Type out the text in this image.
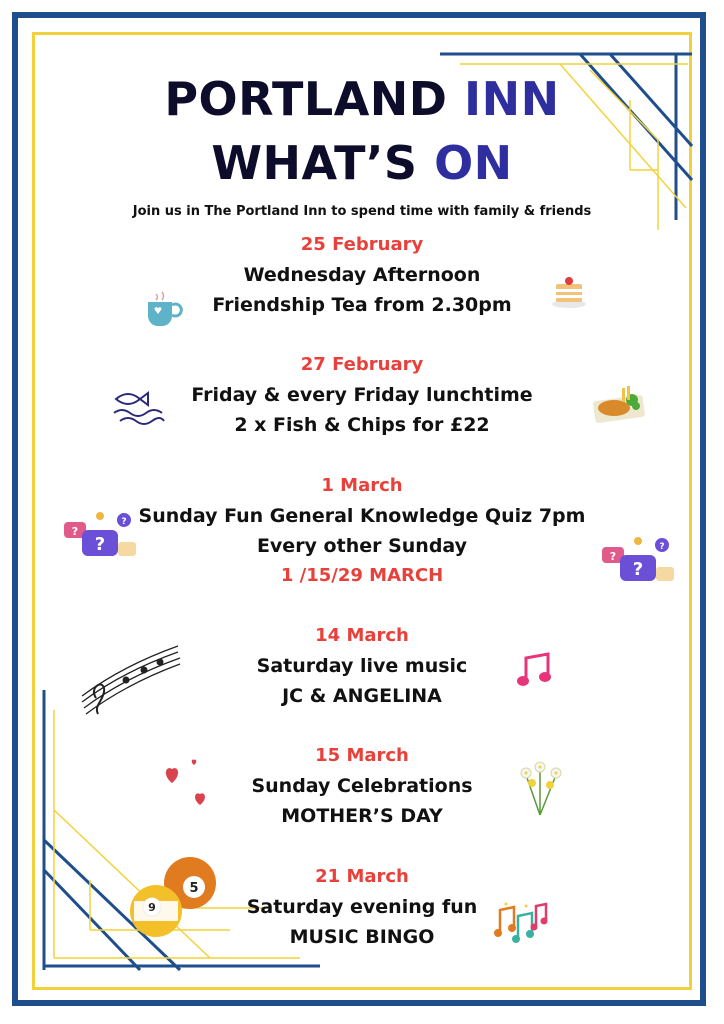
PORTLAND INN
WHAT’S ON
Join us in The Portland Inn to spend time with family & friends
25 February
Wednesday Afternoon
Friendship Tea from 2.30pm
27 February
Friday & every Friday lunchtime
2 x Fish & Chips for £22
1 March
Sunday Fun General Knowledge Quiz 7pm
Every other Sunday
1 /15/29 MARCH
14 March
Saturday live music
JC & ANGELINA
15 March
Sunday Celebrations
MOTHER’S DAY
21 March
Saturday evening fun
MUSIC BINGO
?
?
?
?
?
?
5
9
